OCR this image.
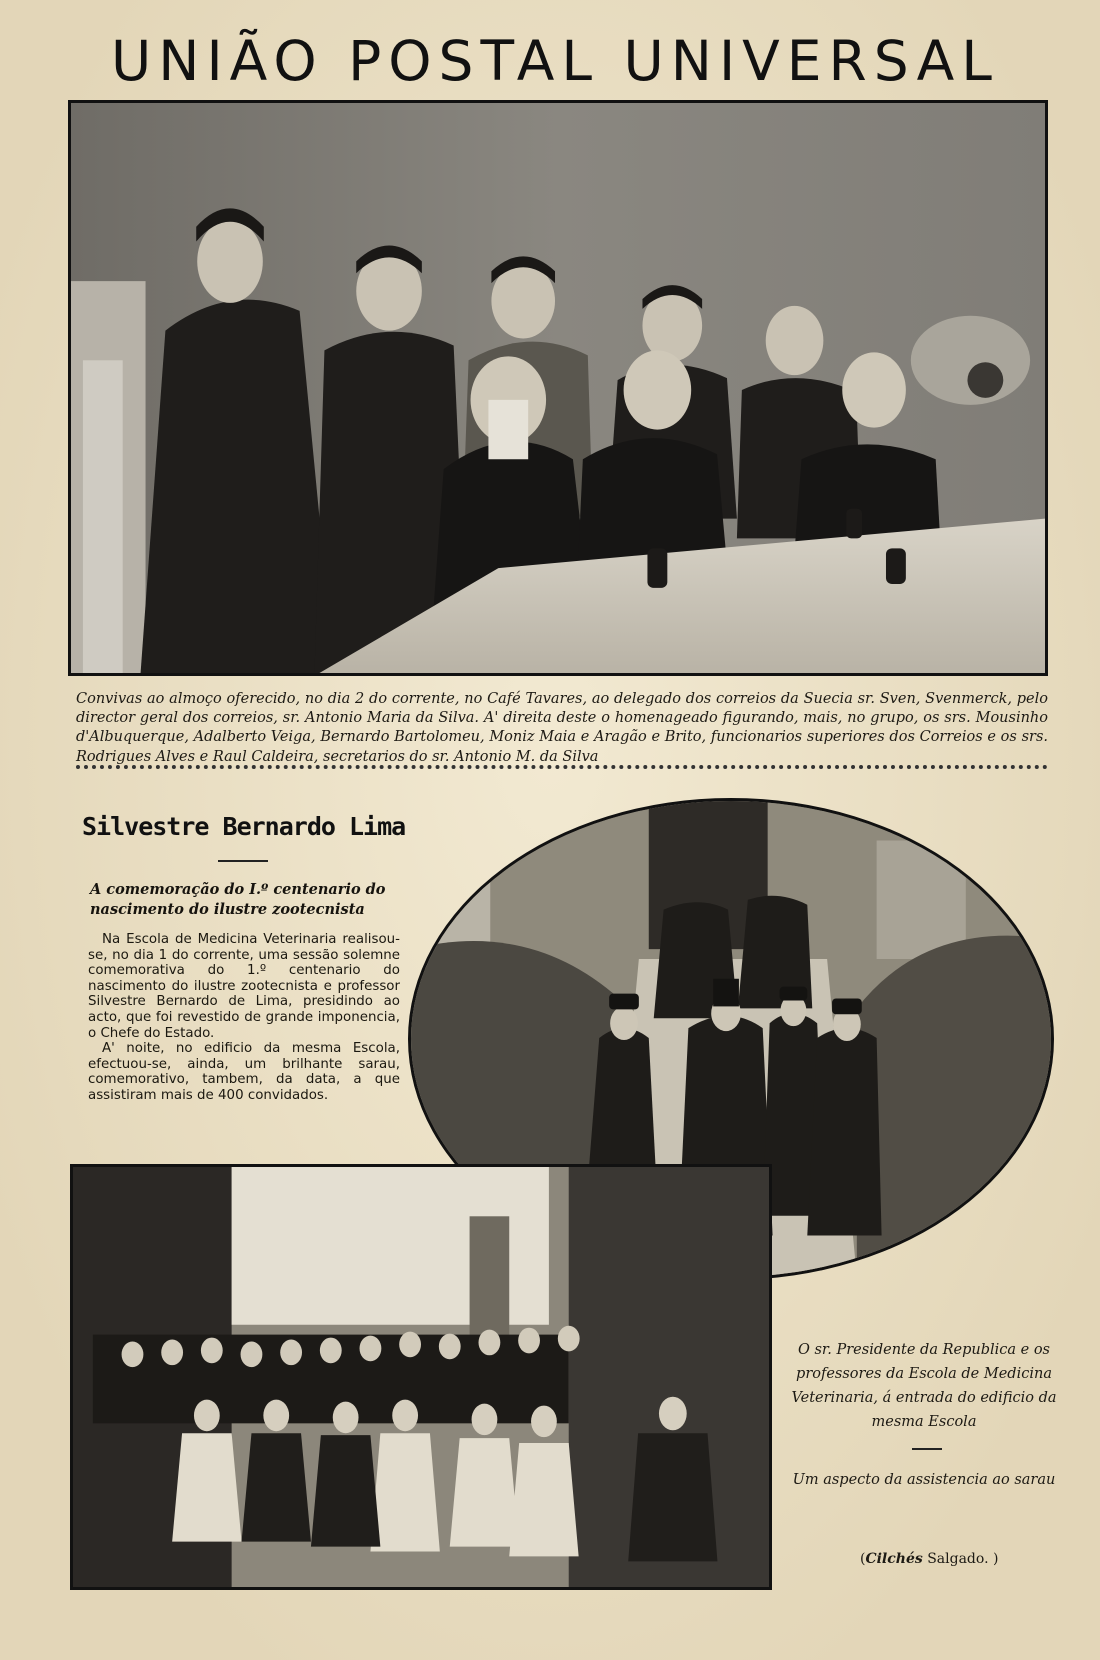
UNIÃO POSTAL UNIVERSAL
Convivas ao almoço oferecido, no dia 2 do corrente, no Café Tavares, ao delegado dos correios da Suecia sr. Sven, Svenmerck, pelo director geral dos correios, sr. Antonio Maria da Silva. A' direita deste o homenageado figurando, mais, no grupo, os srs. Mousinho d'Albuquerque, Adalberto Veiga, Bernardo Bartolomeu, Moniz Maia e Aragão e Brito, funcionarios superiores dos Correios e os srs. Rodrigues Alves e Raul Caldeira, secretarios do sr. Antonio M. da Silva
Silvestre Bernardo Lima
A comemoração do I.º centenario do nascimento do ilustre zootecnista

Na Escola de Medicina Veterinaria realisou-se, no dia 1 do corrente, uma sessão solemne comemorativa do 1.º centenario do nascimento do ilustre zootecnista e professor Silvestre Bernardo de Lima, presidindo ao acto, que foi revestido de grande imponencia, o Chefe do Estado.

A' noite, no edificio da mesma Escola, efectuou-se, ainda, um brilhante sarau, comemorativo, tambem, da data, a que assistiram mais de 400 convidados.

O sr. Presidente da Republica e os professores da Escola de Medicina Veterinaria, á entrada do edificio da mesma Escola
Um aspecto da assistencia ao sarau
(Cilchés Salgado. )
